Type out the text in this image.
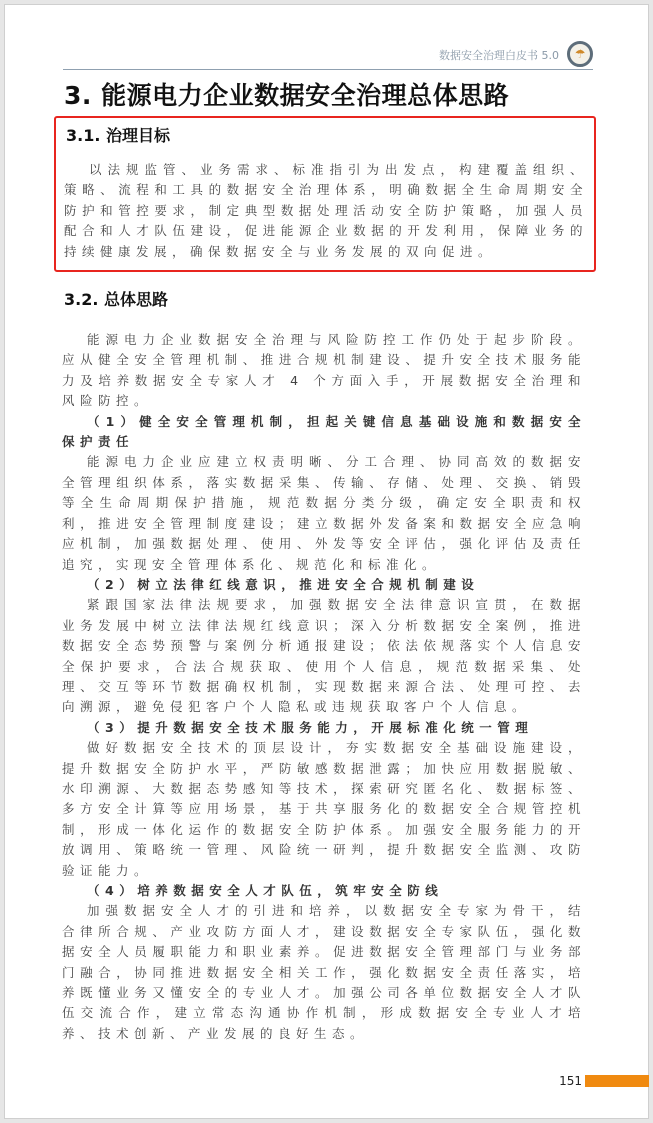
数据安全治理白皮书 5.0	☂
3. 能源电力企业数据安全治理总体思路
3.1. 治理目标

以法规监管、业务需求、标准指引为出发点，构建覆盖组织、策略、流程和工具的数据安全治理体系，明确数据全生命周期安全防护和管控要求，制定典型数据处理活动安全防护策略，加强人员配合和人才队伍建设，促进能源企业数据的开发利用，保障业务的持续健康发展，确保数据安全与业务发展的双向促进。

3.2. 总体思路

能源电力企业数据安全治理与风险防控工作仍处于起步阶段。应从健全安全管理机制、推进合规机制建设、提升安全技术服务能力及培养数据安全专家人才 4 个方面入手，开展数据安全治理和风险防控。

（1）健全安全管理机制，担起关键信息基础设施和数据安全保护责任

能源电力企业应建立权责明晰、分工合理、协同高效的数据安全管理组织体系，落实数据采集、传输、存储、处理、交换、销毁等全生命周期保护措施，规范数据分类分级，确定安全职责和权利，推进安全管理制度建设；建立数据外发备案和数据安全应急响应机制，加强数据处理、使用、外发等安全评估，强化评估及责任追究，实现安全管理体系化、规范化和标准化。

（2）树立法律红线意识，推进安全合规机制建设

紧跟国家法律法规要求，加强数据安全法律意识宣贯，在数据业务发展中树立法律法规红线意识；深入分析数据安全案例，推进数据安全态势预警与案例分析通报建设；依法依规落实个人信息安全保护要求，合法合规获取、使用个人信息，规范数据采集、处理、交互等环节数据确权机制，实现数据来源合法、处理可控、去向溯源，避免侵犯客户个人隐私或违规获取客户个人信息。

（3）提升数据安全技术服务能力，开展标准化统一管理

做好数据安全技术的顶层设计，夯实数据安全基础设施建设，提升数据安全防护水平，严防敏感数据泄露；加快应用数据脱敏、水印溯源、大数据态势感知等技术，探索研究匿名化、数据标签、多方安全计算等应用场景，基于共享服务化的数据安全合规管控机制，形成一体化运作的数据安全防护体系。加强安全服务能力的开放调用、策略统一管理、风险统一研判，提升数据安全监测、攻防验证能力。

（4）培养数据安全人才队伍，筑牢安全防线

加强数据安全人才的引进和培养，以数据安全专家为骨干，结合律所合规、产业攻防方面人才，建设数据安全专家队伍，强化数据安全人员履职能力和职业素养。促进数据安全管理部门与业务部门融合，协同推进数据安全相关工作，强化数据安全责任落实，培养既懂业务又懂安全的专业人才。加强公司各单位数据安全人才队伍交流合作，建立常态沟通协作机制，形成数据安全专业人才培养、技术创新、产业发展的良好生态。

151
